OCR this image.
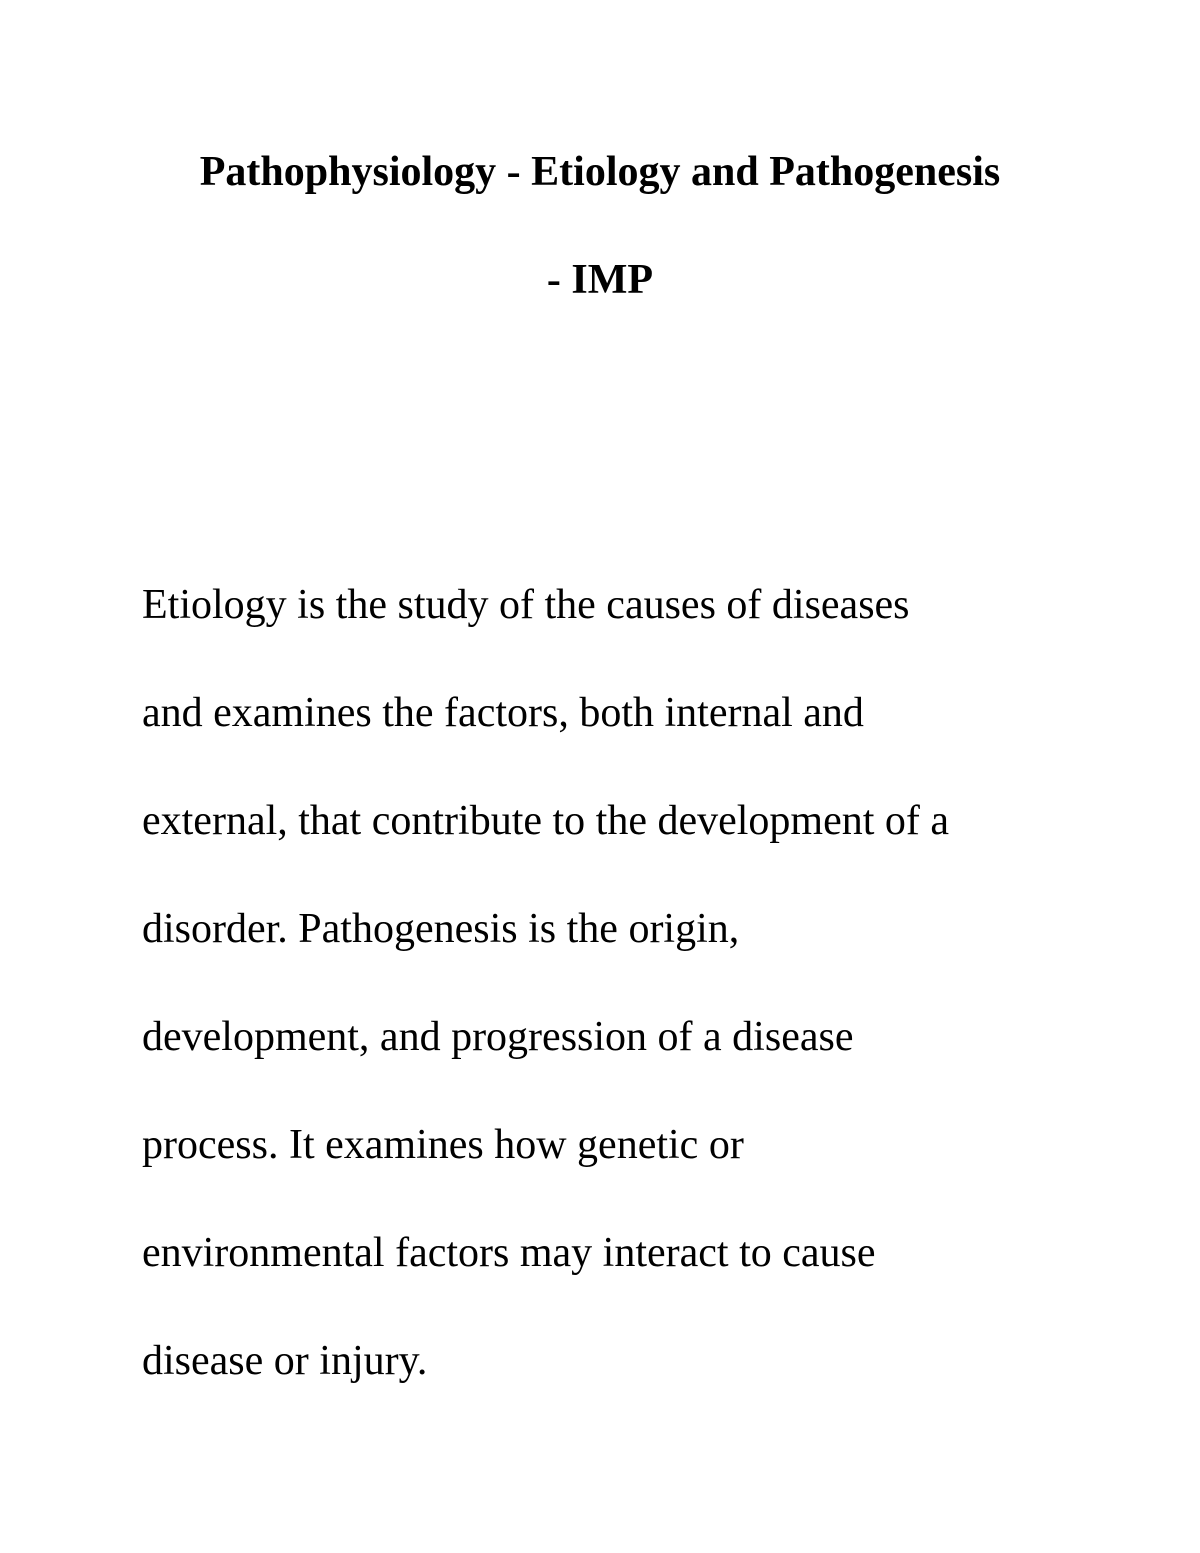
Pathophysiology - Etiology and Pathogenesis
- IMP
Etiology is the study of the causes of diseases
and examines the factors, both internal and
external, that contribute to the development of a
disorder. Pathogenesis is the origin,
development, and progression of a disease
process. It examines how genetic or
environmental factors may interact to cause
disease or injury.
